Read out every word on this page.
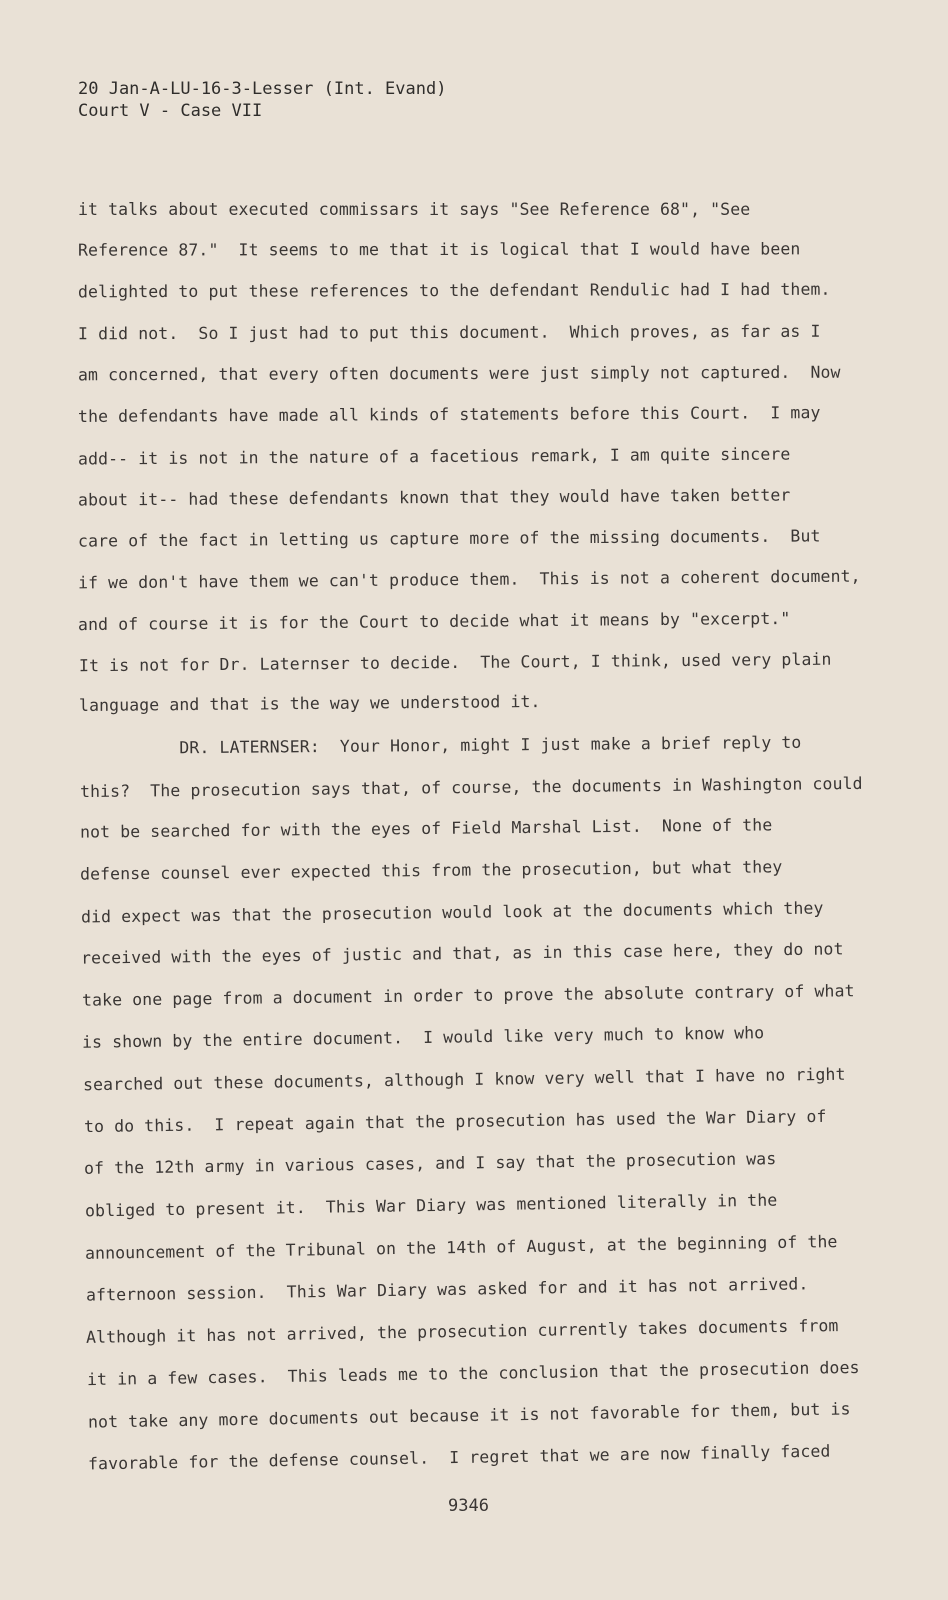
20 Jan-A-LU-16-3-Lesser (Int. Evand)
Court V - Case VII
it talks about executed commissars it says "See Reference 68", "See
Reference 87."  It seems to me that it is logical that I would have been
delighted to put these references to the defendant Rendulic had I had them.
I did not.  So I just had to put this document.  Which proves, as far as I
am concerned, that every often documents were just simply not captured.  Now
the defendants have made all kinds of statements before this Court.  I may
add-- it is not in the nature of a facetious remark, I am quite sincere
about it-- had these defendants known that they would have taken better
care of the fact in letting us capture more of the missing documents.  But
if we don't have them we can't produce them.  This is not a coherent document,
and of course it is for the Court to decide what it means by "excerpt."
It is not for Dr. Laternser to decide.  The Court, I think, used very plain
language and that is the way we understood it.
DR. LATERNSER:  Your Honor, might I just make a brief reply to
this?  The prosecution says that, of course, the documents in Washington could
not be searched for with the eyes of Field Marshal List.  None of the
defense counsel ever expected this from the prosecution, but what they
did expect was that the prosecution would look at the documents which they
received with the eyes of justic and that, as in this case here, they do not
take one page from a document in order to prove the absolute contrary of what
is shown by the entire document.  I would like very much to know who
searched out these documents, although I know very well that I have no right
to do this.  I repeat again that the prosecution has used the War Diary of
of the 12th army in various cases, and I say that the prosecution was
obliged to present it.  This War Diary was mentioned literally in the
announcement of the Tribunal on the 14th of August, at the beginning of the
afternoon session.  This War Diary was asked for and it has not arrived.
Although it has not arrived, the prosecution currently takes documents from
it in a few cases.  This leads me to the conclusion that the prosecution does
not take any more documents out because it is not favorable for them, but is
favorable for the defense counsel.  I regret that we are now finally faced
9346
